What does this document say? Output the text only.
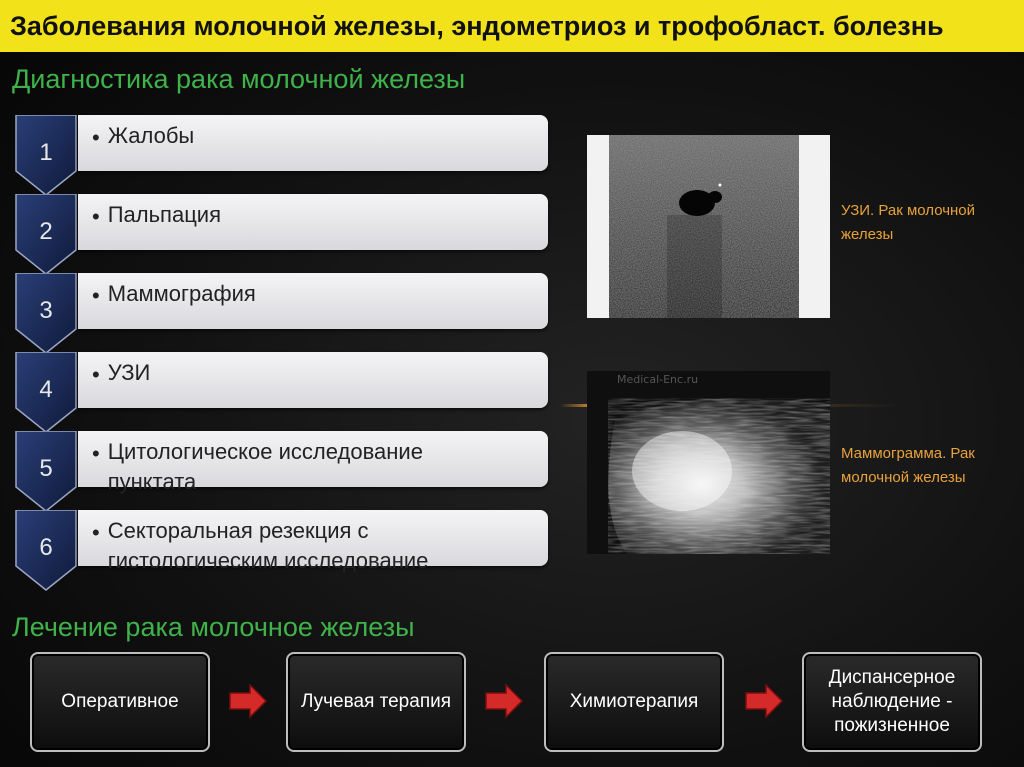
Заболевания молочной железы, эндометриоз и трофобласт. болезнь
Диагностика рака молочной железы
1
• Жалобы
2
• Пальпация
3
• Маммография
4
• УЗИ
5
• Цитологическое исследование
пунктата
6
• Секторальная резекция с
гистологическим исследование
УЗИ. Рак молочной
железы
Medical-Enc.ru
Маммограмма. Рак
молочной железы
Лечение рака молочное железы
Оперативное	Лучевая терапия	Химиотерапия
Диспансерное
наблюдение -
пожизненное
